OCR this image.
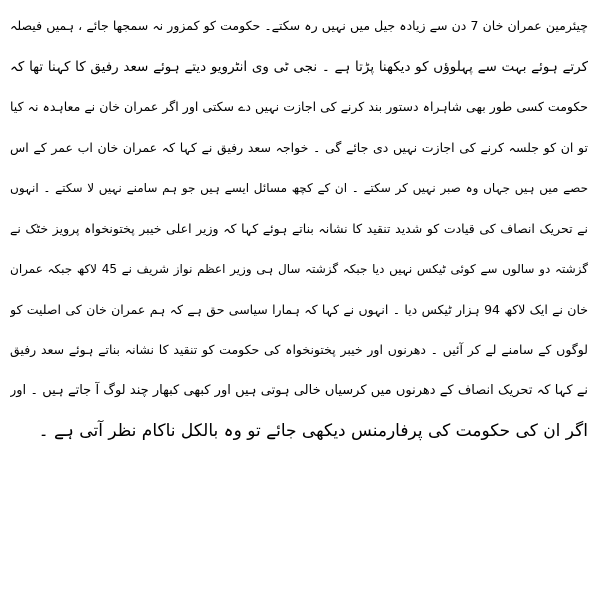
چیئرمین عمران خان 7 دن سے زیادہ جیل میں نہیں رہ سکتے۔ حکومت کو کمزور نہ سمجھا جائے ، ہمیں فیصلہ
کرتے ہوئے بہت سے پہلوؤں کو دیکھنا پڑتا ہے ۔ نجی ٹی وی انٹرویو دیتے ہوئے سعد رفیق کا کہنا تھا کہ
حکومت کسی طور بھی شاہراہ دستور بند کرنے کی اجازت نہیں دے سکتی اور اگر عمران خان نے معاہدہ نہ کیا
تو ان کو جلسہ کرنے کی اجازت نہیں دی جائے گی ۔ خواجہ سعد رفیق نے کہا کہ عمران خان اب عمر کے اس
حصے میں ہیں جہاں وہ صبر نہیں کر سکتے ۔ ان کے کچھ مسائل ایسے ہیں جو ہم سامنے نہیں لا سکتے ۔ انہوں
نے تحریک انصاف کی قیادت کو شدید تنقید کا نشانہ بناتے ہوئے کہا کہ وزیر اعلی خیبر پختونخواہ پرویز خٹک نے
گزشتہ دو سالوں سے کوئی ٹیکس نہیں دیا جبکہ گزشتہ سال ہی وزیر اعظم نواز شریف نے 45 لاکھ جبکہ عمران
خان نے ایک لاکھ 94 ہزار ٹیکس دیا ۔ انہوں نے کہا کہ ہمارا سیاسی حق ہے کہ ہم عمران خان کی اصلیت کو
لوگوں کے سامنے لے کر آئیں ۔ دھرنوں اور خیبر پختونخواہ کی حکومت کو تنقید کا نشانہ بناتے ہوئے سعد رفیق
نے کہا کہ تحریک انصاف کے دھرنوں میں کرسیاں خالی ہوتی ہیں اور کبھی کبھار چند لوگ آ جاتے ہیں ۔ اور
اگر ان کی حکومت کی پرفارمنس دیکھی جائے تو وہ بالکل ناکام نظر آتی ہے ۔
